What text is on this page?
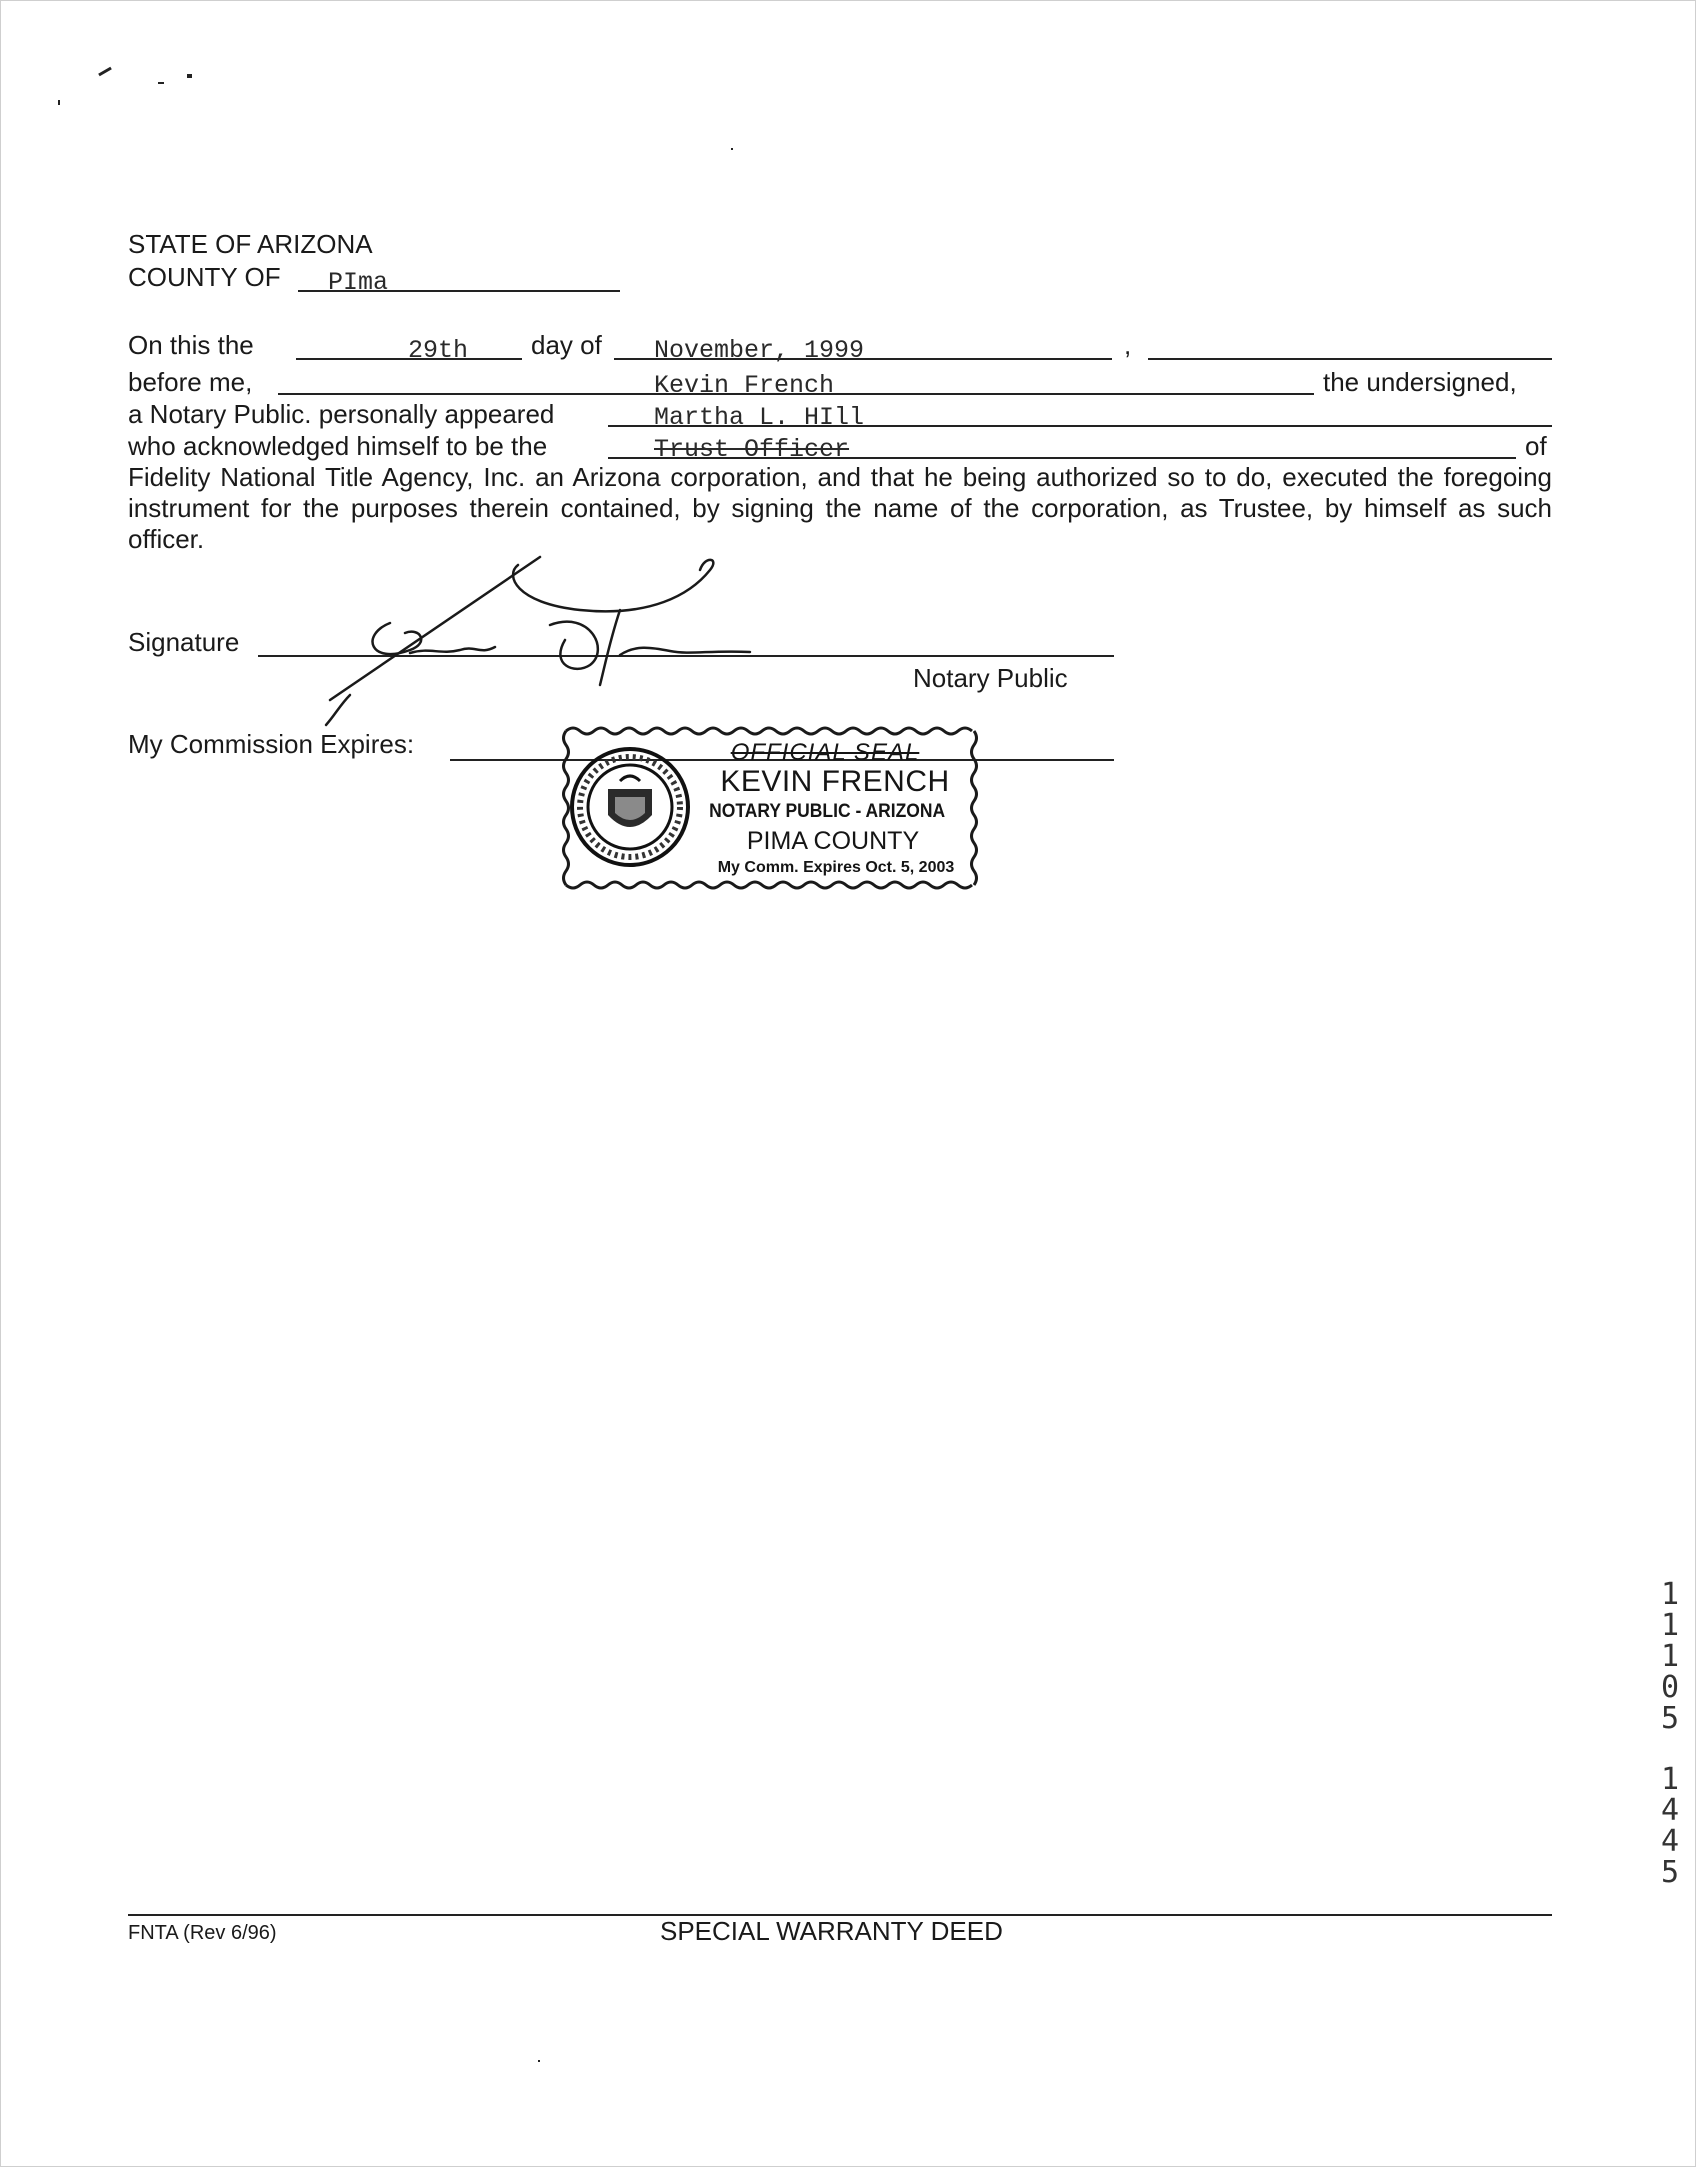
STATE OF ARIZONA
COUNTY OF PIma
On this the	29th day of November, 1999	,
before me,	Kevin French	the undersigned,
a Notary Public. personally appeared	Martha L. HIll
who acknowledged himself to be the	Trust Officer	of
Fidelity National Title Agency, Inc. an Arizona corporation, and that he being authorized so to do, executed the foregoing instrument for the purposes therein contained, by signing the name of the corporation, as Trustee, by himself as such officer.
Signature
Notary Public
My Commission Expires:	OFFICIAL SEAL
KEVIN FRENCH
NOTARY PUBLIC - ARIZONA
PIMA COUNTY
My Comm. Expires Oct. 5, 2003
FNTA (Rev 6/96)	SPECIAL WARRANTY DEED
1
1
1
0
5
1
4
4
5
